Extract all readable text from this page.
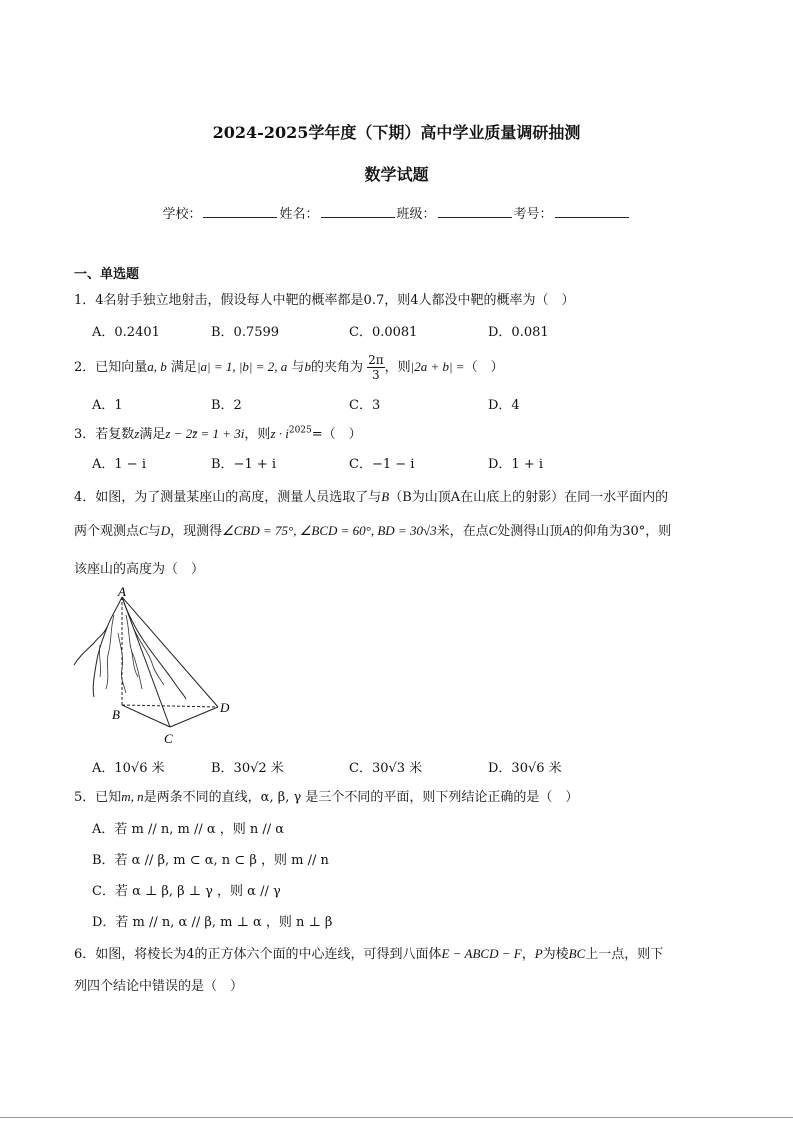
2024-2025学年度（下期）高中学业质量调研抽测
数学试题
学校：	姓名：	班级：	考号：
一、单选题
1．4名射手独立地射击，假设每人中靶的概率都是0.7，则4人都没中靶的概率为（　）
A．0.2401	B．0.7599	C．0.0081	D．0.081
2．已知向量a, b 满足|a| = 1, |b| = 2, a 与b的夹角为 $\frac{2\pi}{3}$ ，则|2a + b| =（　）
A．1	B．2	C．3	D．4
3．若复数z满足z − 2z̄ = 1 + 3i，则$z \cdot i^{2025}=$（　）
A．1 − i	B．−1 + i	C．−1 − i	D．1 + i
4．如图，为了测量某座山的高度，测量人员选取了与B（B为山顶A在山底上的射影）在同一水平面内的
两个观测点C与D，现测得∠CBD = 75°, ∠BCD = 60°, BD = 30√3米，在点C处测得山顶A的仰角为30°，则
该座山的高度为（　）
A
B
C
D
A．10√6 米	B．30√2 米	C．30√3 米	D．30√6 米
5．已知m, n是两条不同的直线，α, β, γ 是三个不同的平面，则下列结论正确的是（　）
A．若 m // n, m // α ，则 n // α
B．若 α // β, m ⊂ α, n ⊂ β ，则 m // n
C．若 α ⊥ β, β ⊥ γ ，则 α // γ
D．若 m // n, α // β, m ⊥ α ，则 n ⊥ β
6．如图，将棱长为4的正方体六个面的中心连线，可得到八面体E − ABCD − F，P为棱BC上一点，则下
列四个结论中错误的是（　）
